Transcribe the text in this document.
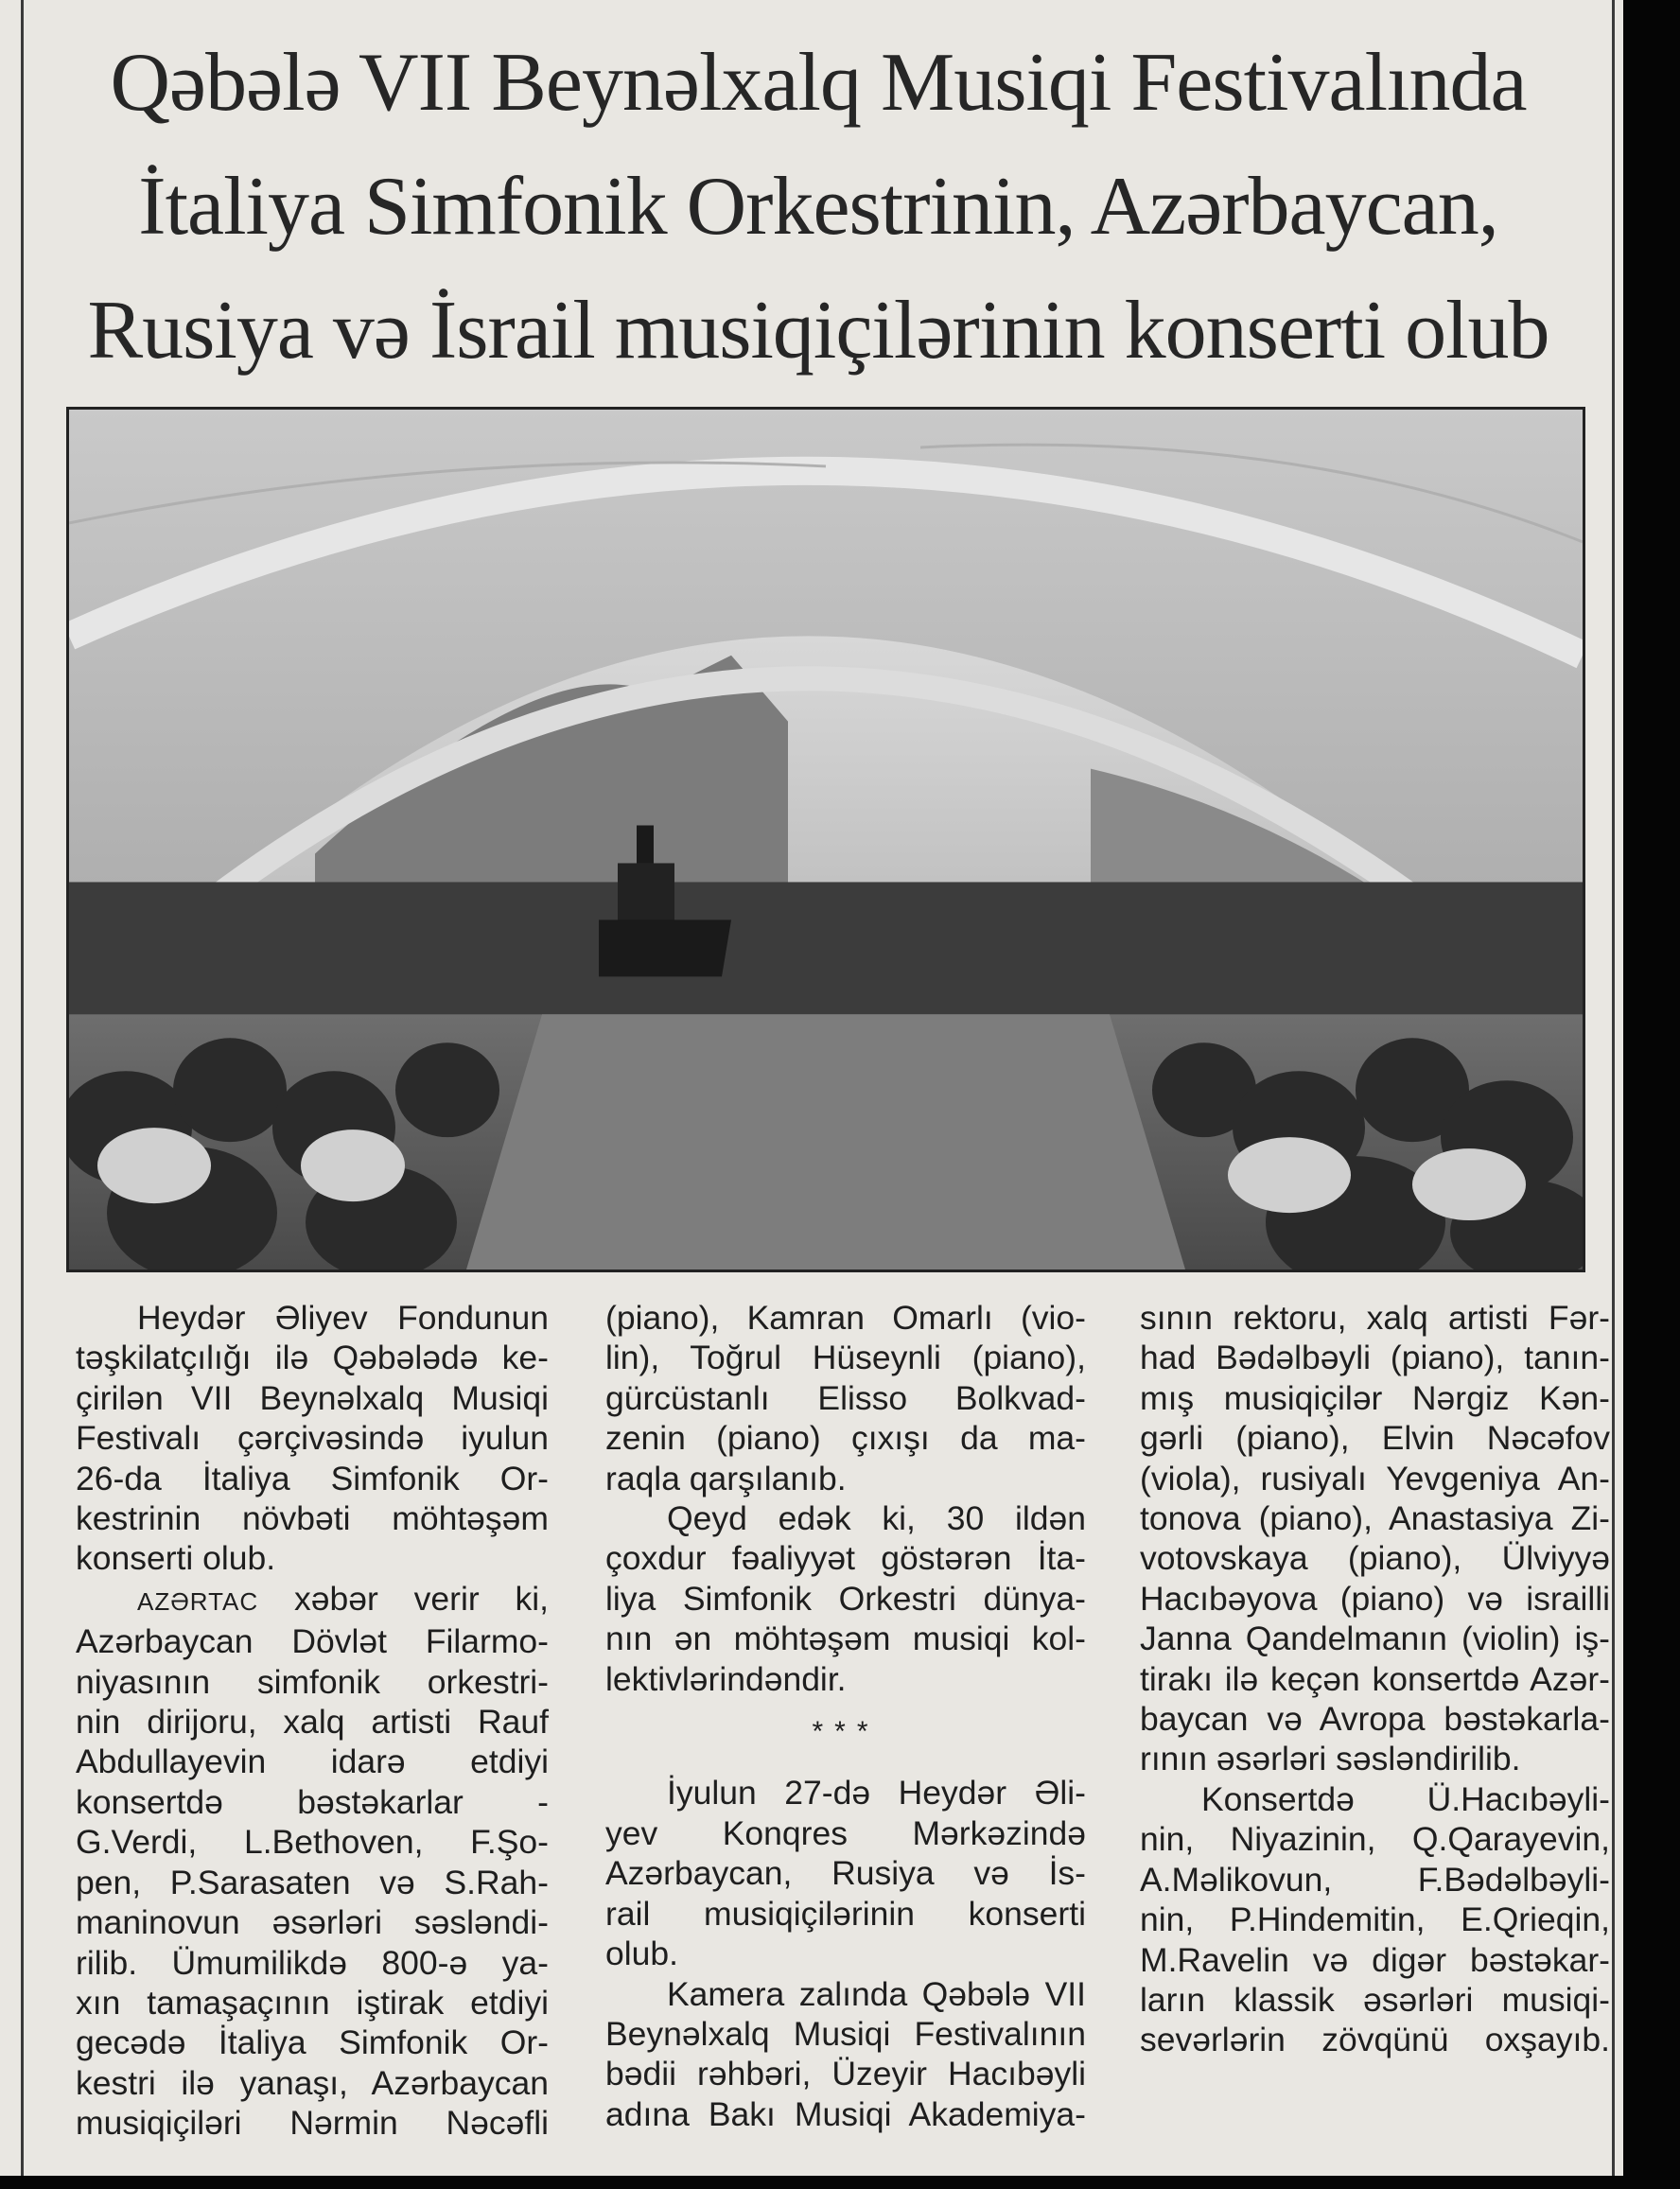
Qəbələ VII Beynəlxalq Musiqi Festivalında
İtaliya Simfonik Orkestrinin, Azərbaycan,
Rusiya və İsrail musiqiçilərinin konserti olub
Heydər Əliyev Fondunun
təşkilatçılığı ilə Qəbələdə ke-
çirilən VII Beynəlxalq Musiqi
Festivalı çərçivəsində iyulun
26-da İtaliya Simfonik Or-
kestrinin növbəti möhtəşəm
konserti olub.
AZƏRTAC xəbər verir ki,
Azərbaycan Dövlət Filarmo-
niyasının simfonik orkestri-
nin dirijoru, xalq artisti Rauf
Abdullayevin idarə etdiyi
konsertdə bəstəkarlar -
G.Verdi, L.Bethoven, F.Şo-
pen, P.Sarasaten və S.Rah-
maninovun əsərləri səsləndi-
rilib. Ümumilikdə 800-ə ya-
xın tamaşaçının iştirak etdiyi
gecədə İtaliya Simfonik Or-
kestri ilə yanaşı, Azərbaycan
musiqiçiləri Nərmin Nəcəfli
(piano), Kamran Omarlı (vio-
lin), Toğrul Hüseynli (piano),
gürcüstanlı Elisso Bolkvad-
zenin (piano) çıxışı da ma-
raqla qarşılanıb.
Qeyd edək ki, 30 ildən
çoxdur fəaliyyət göstərən İta-
liya Simfonik Orkestri dünya-
nın ən möhtəşəm musiqi kol-
lektivlərindəndir.

***

İyulun 27-də Heydər Əli-
yev Konqres Mərkəzində
Azərbaycan, Rusiya və İs-
rail musiqiçilərinin konserti
olub.
Kamera zalında Qəbələ VII
Beynəlxalq Musiqi Festivalının
bədii rəhbəri, Üzeyir Hacıbəyli
adına Bakı Musiqi Akademiya-
sının rektoru, xalq artisti Fər-
had Bədəlbəyli (piano), tanın-
mış musiqiçilər Nərgiz Kən-
gərli (piano), Elvin Nəcəfov
(viola), rusiyalı Yevgeniya An-
tonova (piano), Anastasiya Zi-
votovskaya (piano), Ülviyyə
Hacıbəyova (piano) və israilli
Janna Qandelmanın (violin) iş-
tirakı ilə keçən konsertdə Azər-
baycan və Avropa bəstəkarla-
rının əsərləri səsləndirilib.
Konsertdə Ü.Hacıbəyli-
nin, Niyazinin, Q.Qarayevin,
A.Məlikovun, F.Bədəlbəyli-
nin, P.Hindemitin, E.Qrieqin,
M.Ravelin və digər bəstəkar-
ların klassik əsərləri musiqi-
sevərlərin zövqünü oxşayıb.
